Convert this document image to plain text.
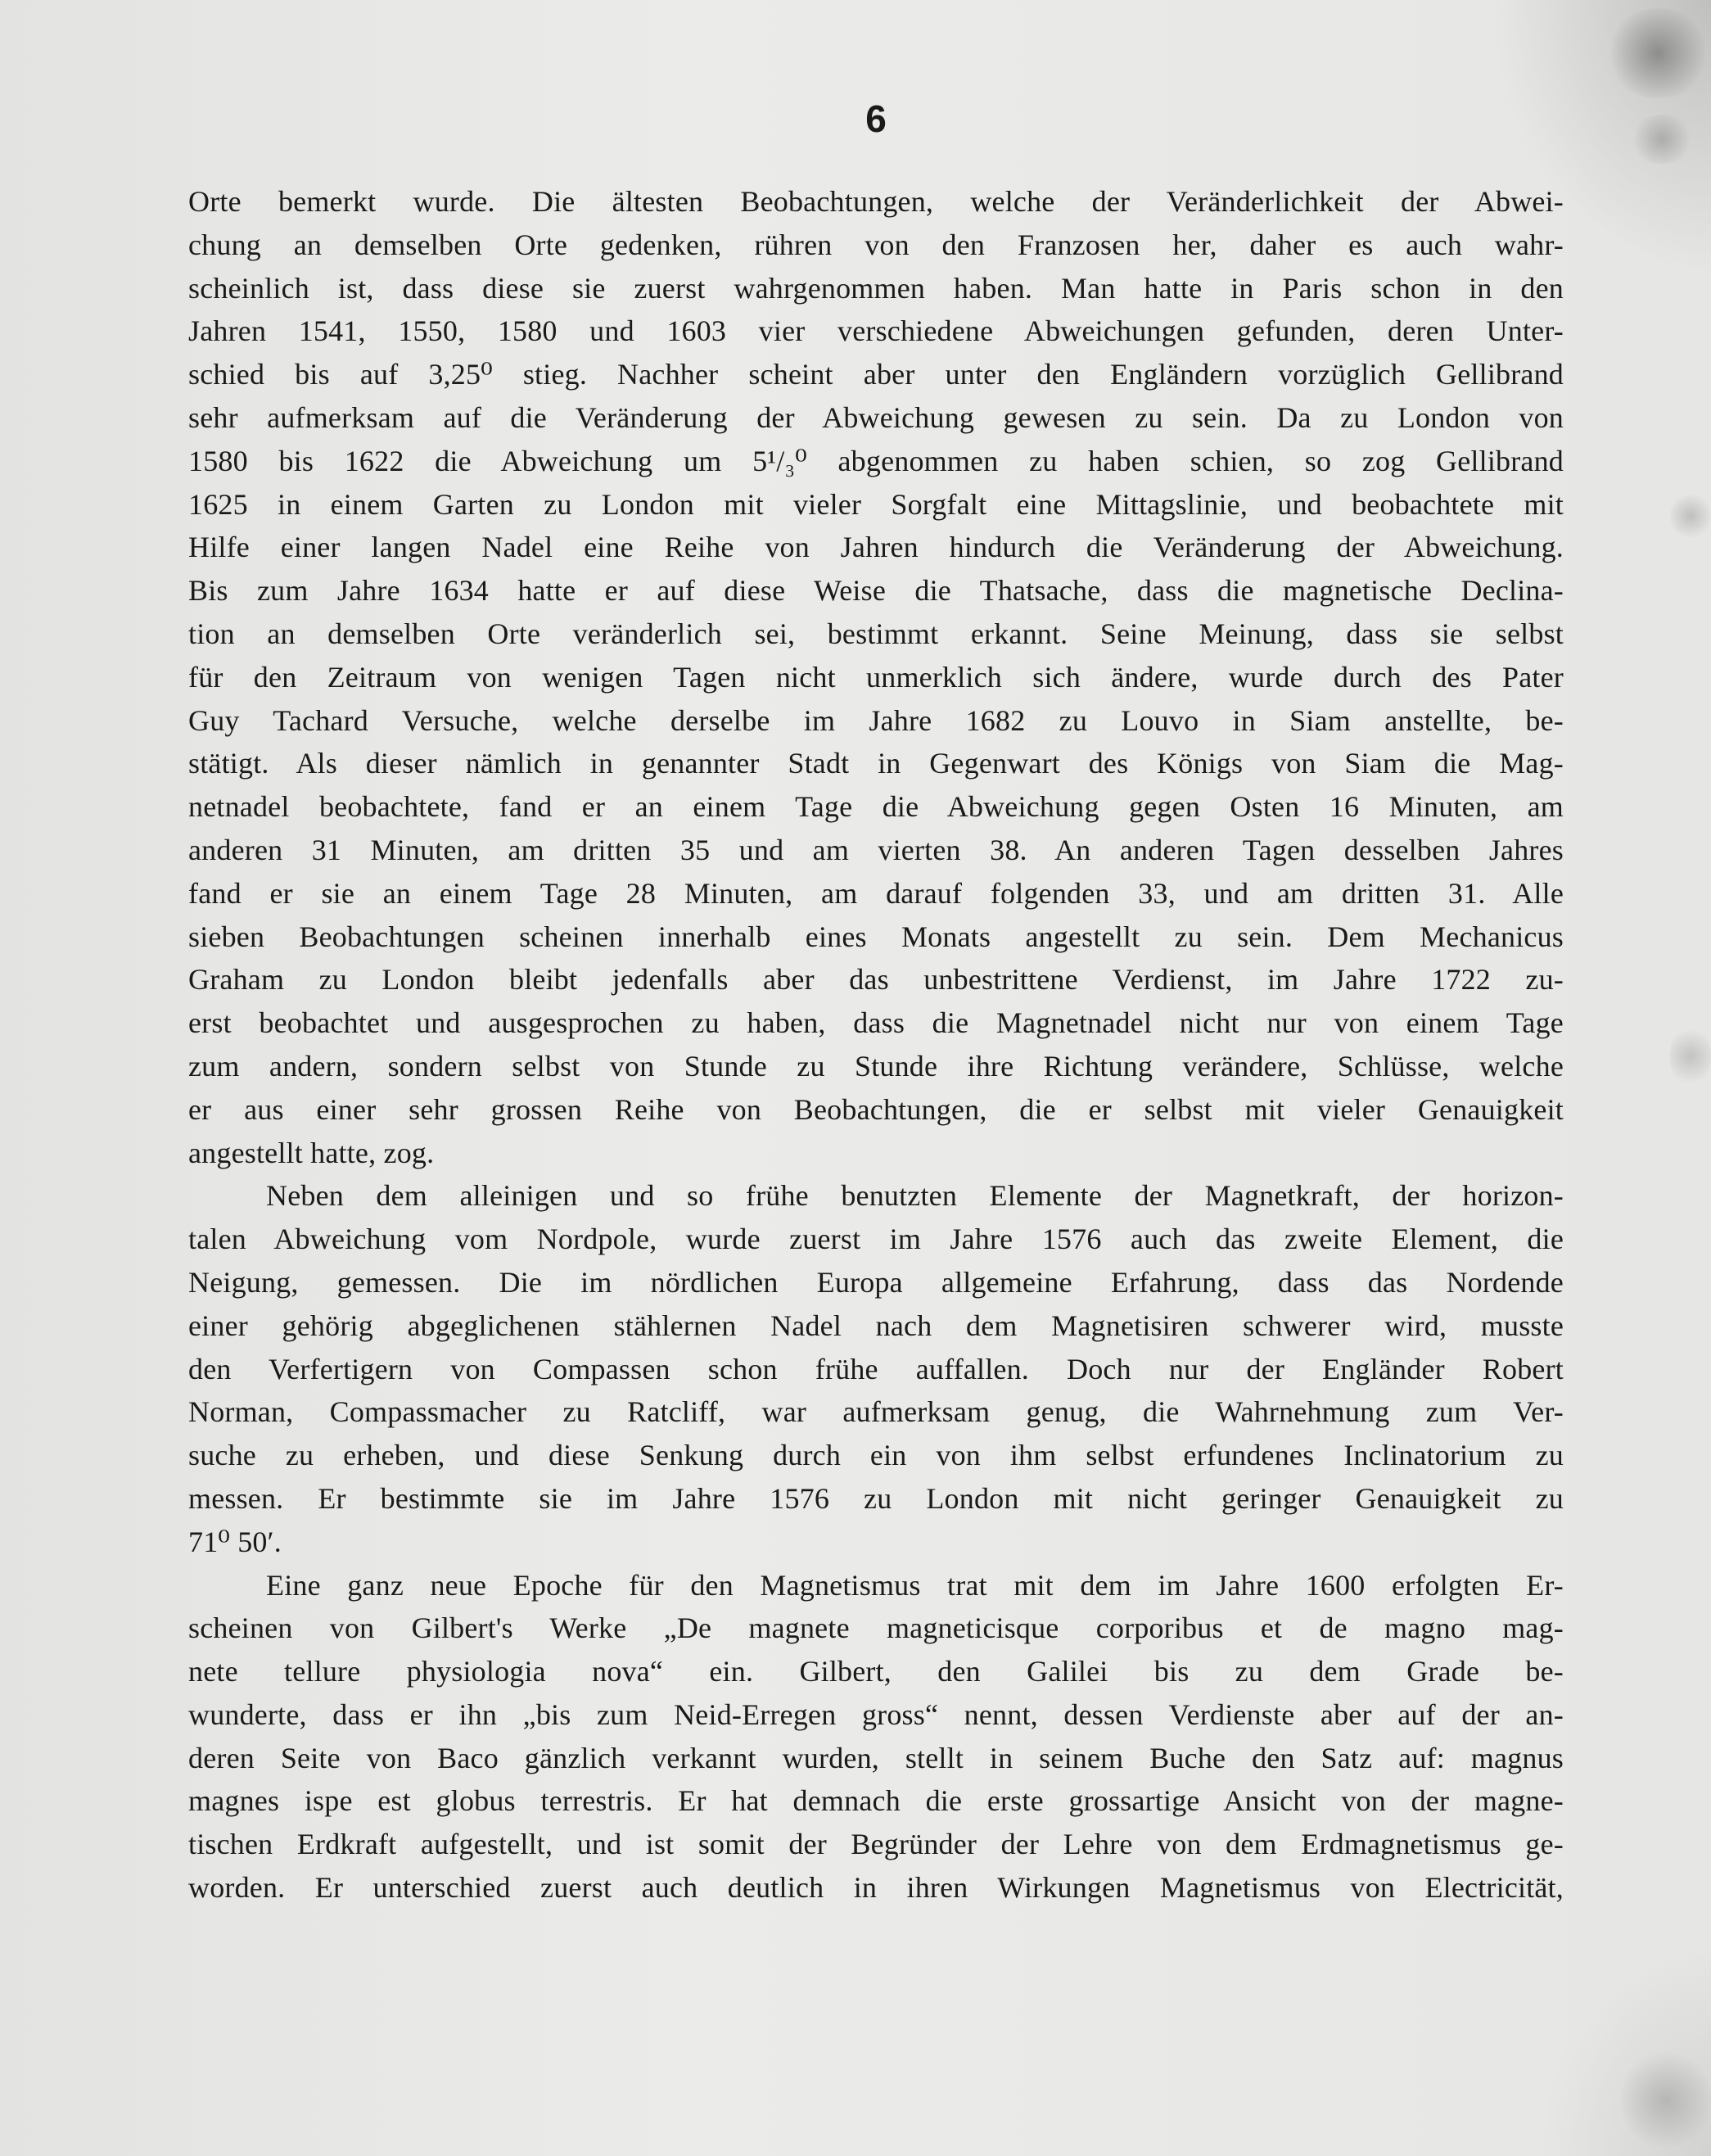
6
Orte bemerkt wurde. Die ältesten Beobachtungen, welche der Veränderlichkeit der Abwei-
chung an demselben Orte gedenken, rühren von den Franzosen her, daher es auch wahr-
scheinlich ist, dass diese sie zuerst wahrgenommen haben. Man hatte in Paris schon in den
Jahren 1541, 1550, 1580 und 1603 vier verschiedene Abweichungen gefunden, deren Unter-
schied bis auf 3,25⁰ stieg. Nachher scheint aber unter den Engländern vorzüglich Gellibrand
sehr aufmerksam auf die Veränderung der Abweichung gewesen zu sein. Da zu London von
1580 bis 1622 die Abweichung um 5¹/₃⁰ abgenommen zu haben schien, so zog Gellibrand
1625 in einem Garten zu London mit vieler Sorgfalt eine Mittagslinie, und beobachtete mit
Hilfe einer langen Nadel eine Reihe von Jahren hindurch die Veränderung der Abweichung.
Bis zum Jahre 1634 hatte er auf diese Weise die Thatsache, dass die magnetische Declina-
tion an demselben Orte veränderlich sei, bestimmt erkannt. Seine Meinung, dass sie selbst
für den Zeitraum von wenigen Tagen nicht unmerklich sich ändere, wurde durch des Pater
Guy Tachard Versuche, welche derselbe im Jahre 1682 zu Louvo in Siam anstellte, be-
stätigt. Als dieser nämlich in genannter Stadt in Gegenwart des Königs von Siam die Mag-
netnadel beobachtete, fand er an einem Tage die Abweichung gegen Osten 16 Minuten, am
anderen 31 Minuten, am dritten 35 und am vierten 38. An anderen Tagen desselben Jahres
fand er sie an einem Tage 28 Minuten, am darauf folgenden 33, und am dritten 31. Alle
sieben Beobachtungen scheinen innerhalb eines Monats angestellt zu sein. Dem Mechanicus
Graham zu London bleibt jedenfalls aber das unbestrittene Verdienst, im Jahre 1722 zu-
erst beobachtet und ausgesprochen zu haben, dass die Magnetnadel nicht nur von einem Tage
zum andern, sondern selbst von Stunde zu Stunde ihre Richtung verändere, Schlüsse, welche
er aus einer sehr grossen Reihe von Beobachtungen, die er selbst mit vieler Genauigkeit
angestellt hatte, zog.
Neben dem alleinigen und so frühe benutzten Elemente der Magnetkraft, der horizon-
talen Abweichung vom Nordpole, wurde zuerst im Jahre 1576 auch das zweite Element, die
Neigung, gemessen. Die im nördlichen Europa allgemeine Erfahrung, dass das Nordende
einer gehörig abgeglichenen stählernen Nadel nach dem Magnetisiren schwerer wird, musste
den Verfertigern von Compassen schon frühe auffallen. Doch nur der Engländer Robert
Norman, Compassmacher zu Ratcliff, war aufmerksam genug, die Wahrnehmung zum Ver-
suche zu erheben, und diese Senkung durch ein von ihm selbst erfundenes Inclinatorium zu
messen. Er bestimmte sie im Jahre 1576 zu London mit nicht geringer Genauigkeit zu
71⁰ 50′.
Eine ganz neue Epoche für den Magnetismus trat mit dem im Jahre 1600 erfolgten Er-
scheinen von Gilbert's Werke „De magnete magneticisque corporibus et de magno mag-
nete tellure physiologia nova“ ein. Gilbert, den Galilei bis zu dem Grade be-
wunderte, dass er ihn „bis zum Neid-Erregen gross“ nennt, dessen Verdienste aber auf der an-
deren Seite von Baco gänzlich verkannt wurden, stellt in seinem Buche den Satz auf: magnus
magnes ispe est globus terrestris. Er hat demnach die erste grossartige Ansicht von der magne-
tischen Erdkraft aufgestellt, und ist somit der Begründer der Lehre von dem Erdmagnetismus ge-
worden. Er unterschied zuerst auch deutlich in ihren Wirkungen Magnetismus von Electricität,
